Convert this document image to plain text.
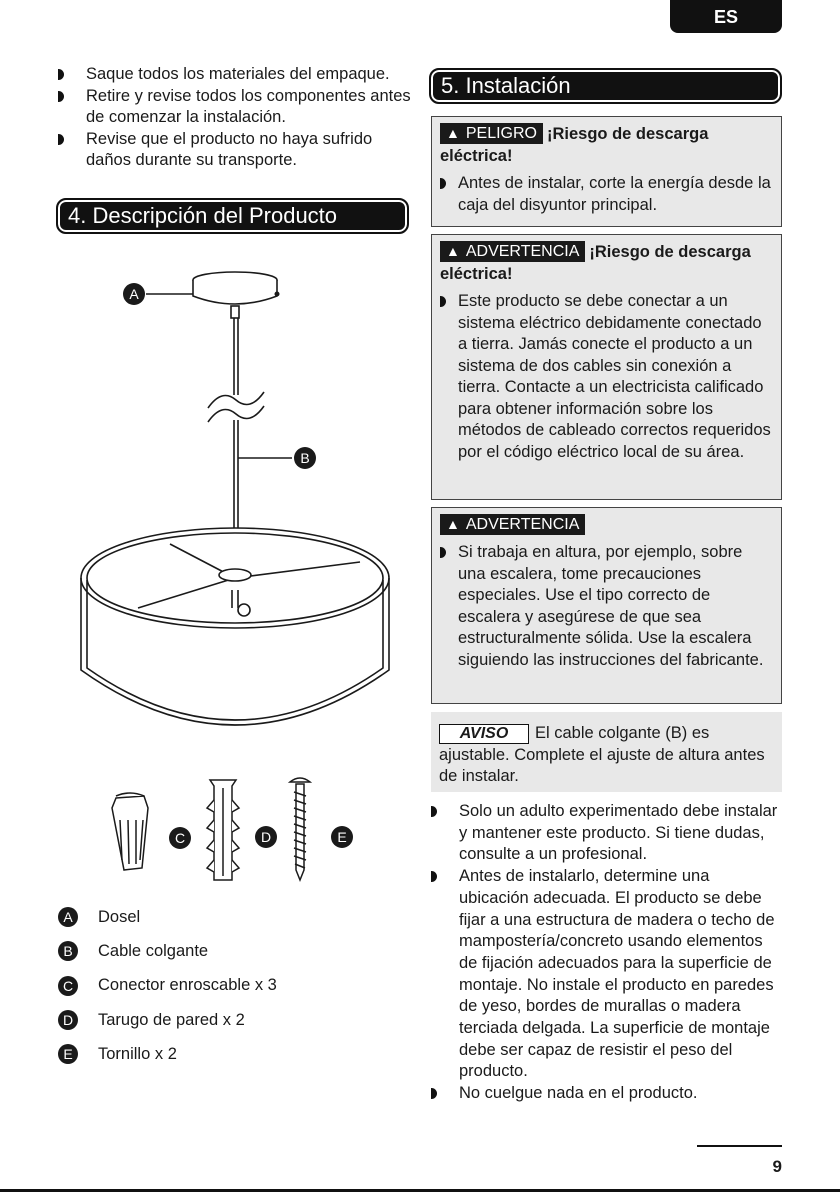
ES
Saque todos los materiales del empaque.
Retire y revise todos los componentes antes de comenzar la instalación.
Revise que el producto no haya sufrido daños durante su transporte.
4. Descripción del Producto
A
B
C	D	E
A	Dosel
B	Cable colgante
C Conector enroscable x 3
D Tarugo de pared x 2
E	Tornillo x 2
5. Instalación
▲ PELIGRO ¡Riesgo de descarga eléctrica!
Antes de instalar, corte la energía desde la caja del disyuntor principal.
▲ ADVERTENCIA ¡Riesgo de descarga eléctrica!
Este producto se debe conectar a un sistema eléctrico debidamente conectado a tierra. Jamás conecte el producto a un sistema de dos cables sin conexión a tierra. Contacte a un electricista calificado para obtener información sobre los métodos de cableado correctos requeridos por el código eléctrico local de su área.
▲ ADVERTENCIA
Si trabaja en altura, por ejemplo, sobre una escalera, tome precauciones especiales. Use el tipo correcto de escalera y asegúrese de que sea estructuralmente sólida. Use la escalera siguiendo las instrucciones del fabricante.
AVISO El cable colgante (B) es ajustable. Complete el ajuste de altura antes de instalar.
Solo un adulto experimentado debe instalar y mantener este producto. Si tiene dudas, consulte a un profesional.
Antes de instalarlo, determine una ubicación adecuada. El producto se debe fijar a una estructura de madera o techo de mampostería/concreto usando elementos de fijación adecuados para la superficie de montaje. No instale el producto en paredes de yeso, bordes de murallas o madera terciada delgada. La superficie de montaje debe ser capaz de resistir el peso del producto.
No cuelgue nada en el producto.
9
